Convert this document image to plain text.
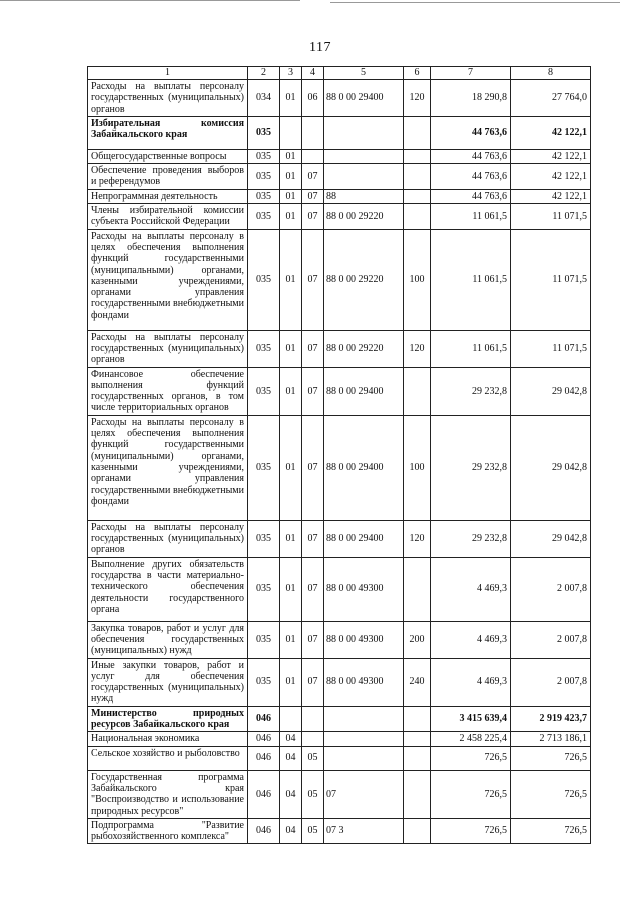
117
1	2	3	4	5	6	7	8
Расходы на выплаты персоналу государственных (муниципальных) органов	034	01	06	88 0 00 29400	120	18 290,8	27 764,0
Избирательная комиссия Забайкальского края	035					44 763,6	42 122,1
Общегосударственные вопросы	035	01				44 763,6	42 122,1
Обеспечение проведения выборов и референдумов	035	01	07			44 763,6	42 122,1
Непрограммная деятельность	035	01	07	88		44 763,6	42 122,1
Члены избирательной комиссии субъекта Российской Федерации	035	01	07	88 0 00 29220		11 061,5	11 071,5
Расходы на выплаты персоналу в целях обеспечения выполнения функций государственными (муниципальными) органами, казенными учреждениями, органами управления государственными внебюджетными фондами	035	01	07	88 0 00 29220	100	11 061,5	11 071,5
Расходы на выплаты персоналу государственных (муниципальных) органов	035	01	07	88 0 00 29220	120	11 061,5	11 071,5
Финансовое обеспечение выполнения функций государственных органов, в том числе территориальных органов	035	01	07	88 0 00 29400		29 232,8	29 042,8
Расходы на выплаты персоналу в целях обеспечения выполнения функций государственными (муниципальными) органами, казенными учреждениями, органами управления государственными внебюджетными фондами	035	01	07	88 0 00 29400	100	29 232,8	29 042,8
Расходы на выплаты персоналу государственных (муниципальных) органов	035	01	07	88 0 00 29400	120	29 232,8	29 042,8
Выполнение других обязательств государства в части материально-технического обеспечения деятельности государственного органа	035	01	07	88 0 00 49300		4 469,3	2 007,8
Закупка товаров, работ и услуг для обеспечения государственных (муниципальных) нужд	035	01	07	88 0 00 49300	200	4 469,3	2 007,8
Иные закупки товаров, работ и услуг для обеспечения государственных (муниципальных) нужд	035	01	07	88 0 00 49300	240	4 469,3	2 007,8
Министерство природных ресурсов Забайкальского края	046					3 415 639,4	2 919 423,7
Национальная экономика	046	04				2 458 225,4	2 713 186,1
Сельское хозяйство и рыболовство	046	04	05			726,5	726,5
Государственная программа Забайкальского края "Воспроизводство и использование природных ресурсов"	046	04	05	07		726,5	726,5
Подпрограмма "Развитие рыбохозяйственного комплекса"	046	04	05	07 3		726,5	726,5
